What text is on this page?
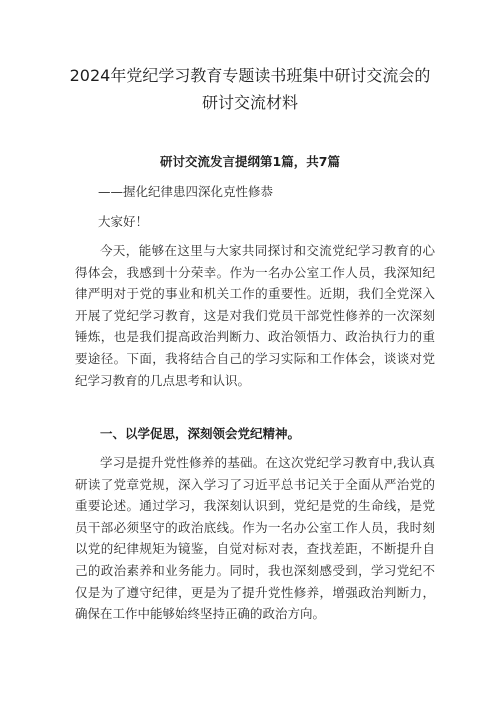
2024年党纪学习教育专题读书班集中研讨交流会的
研讨交流材料

研讨交流发言提纲第1篇，共7篇

——握化纪律患四深化克性修恭

大家好！

今天，能够在这里与大家共同探讨和交流党纪学习教育的心得体会，我感到十分荣幸。作为一名办公室工作人员，我深知纪律严明对于党的事业和机关工作的重要性。近期，我们全党深入开展了党纪学习教育，这是对我们党员干部党性修养的一次深刻锤炼，也是我们提高政治判断力、政治领悟力、政治执行力的重要途径。下面，我将结合自己的学习实际和工作体会，谈谈对党纪学习教育的几点思考和认识。

一、以学促思，深刻领会党纪精神。

学习是提升党性修养的基础。在这次党纪学习教育中,我认真研读了党章党规，深入学习了习近平总书记关于全面从严治党的重要论述。通过学习，我深刻认识到，党纪是党的生命线，是党员干部必须坚守的政治底线。作为一名办公室工作人员，我时刻以党的纪律规矩为镜鉴，自觉对标对表，查找差距，不断提升自己的政治素养和业务能力。同时，我也深刻感受到，学习党纪不仅是为了遵守纪律，更是为了提升党性修养，增强政治判断力，确保在工作中能够始终坚持正确的政治方向。
